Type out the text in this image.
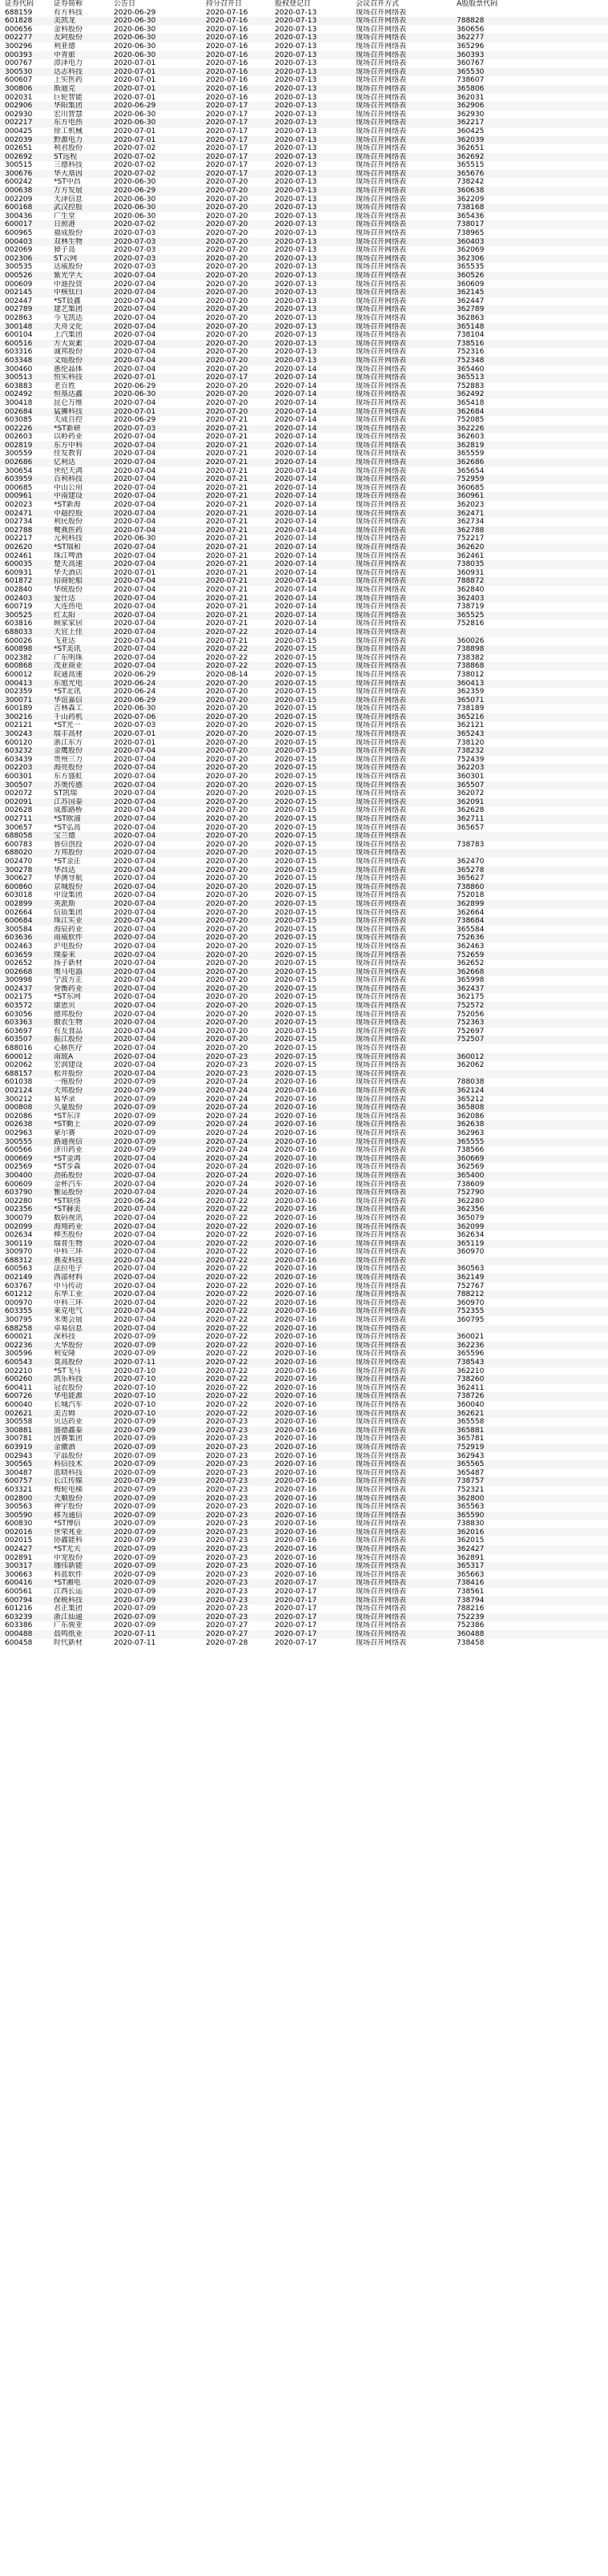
证券代码	证券简称	公告日	持分召开日	股权登记日	会议召开方式	A股股票代码
688159	有方科技	2020-06-29	2020-07-16	2020-07-13	现场召开网络表
601828	美凯龙	2020-06-30	2020-07-16	2020-07-13	现场召开网络表	788828
000656	金科股份	2020-06-30	2020-07-16	2020-07-13	现场召开网络表	360656
002277	友阿股份	2020-06-30	2020-07-16	2020-07-13	现场召开网络表	362277
300296	利亚德	2020-06-30	2020-07-16	2020-07-13	现场召开网络表	365296
000393	中青旅	2020-06-30	2020-07-16	2020-07-13	现场召开网络表	360393
000767	漳泽电力	2020-07-01	2020-07-16	2020-07-13	现场召开网络表	360767
300530	达志科技	2020-07-01	2020-07-16	2020-07-13	现场召开网络表	365530
600607	上实医药	2020-07-01	2020-07-16	2020-07-13	现场召开网络表	738607
300806	斯迪克	2020-07-01	2020-07-16	2020-07-13	现场召开网络表	365806
002031	巨轮智能	2020-07-01	2020-07-16	2020-07-13	现场召开网络表	362031
002906	华阳集团	2020-06-29	2020-07-17	2020-07-13	现场召开网络表	362906
002930	宏川智慧	2020-06-30	2020-07-17	2020-07-13	现场召开网络表	362930
002217	东方电热	2020-06-30	2020-07-17	2020-07-13	现场召开网络表	362217
000425	徐工机械	2020-07-01	2020-07-17	2020-07-13	现场召开网络表	360425
002039	黔源电力	2020-07-01	2020-07-17	2020-07-13	现场召开网络表	362039
002651	利君股份	2020-07-02	2020-07-17	2020-07-13	现场召开网络表	362651
002692	ST远程	2020-07-02	2020-07-17	2020-07-13	现场召开网络表	362692
300515	三德科技	2020-07-02	2020-07-17	2020-07-13	现场召开网络表	365515
300676	华大基因	2020-07-02	2020-07-17	2020-07-13	现场召开网络表	365676
600242	*ST中昌	2020-06-30	2020-07-20	2020-07-13	现场召开网络表	738242
000638	万方发展	2020-06-29	2020-07-20	2020-07-13	现场召开网络表	360638
002209	天泽信息	2020-06-30	2020-07-20	2020-07-13	现场召开网络表	362209
600168	武汉控股	2020-06-30	2020-07-20	2020-07-13	现场召开网络表	738168
300436	广生堂	2020-06-30	2020-07-20	2020-07-13	现场召开网络表	365436
600017	日照港	2020-07-02	2020-07-20	2020-07-13	现场召开网络表	738017
600965	福成股份	2020-07-03	2020-07-20	2020-07-13	现场召开网络表	738965
000403	双林生物	2020-07-03	2020-07-20	2020-07-13	现场召开网络表	360403
002069	獐子岛	2020-07-03	2020-07-20	2020-07-13	现场召开网络表	362069
002306	ST云网	2020-07-03	2020-07-20	2020-07-13	现场召开网络表	362306
300535	达威股份	2020-07-03	2020-07-20	2020-07-13	现场召开网络表	365535
000526	紫光学大	2020-07-04	2020-07-20	2020-07-13	现场召开网络表	360526
000609	中迪投资	2020-07-04	2020-07-20	2020-07-13	现场召开网络表	360609
002145	中核钛白	2020-07-04	2020-07-20	2020-07-13	现场召开网络表	362145
002447	*ST晨鑫	2020-07-04	2020-07-20	2020-07-13	现场召开网络表	362447
002789	建艺集团	2020-07-04	2020-07-20	2020-07-13	现场召开网络表	362789
002863	今飞凯达	2020-07-04	2020-07-20	2020-07-13	现场召开网络表	362863
300148	天舟文化	2020-07-04	2020-07-20	2020-07-13	现场召开网络表	365148
600104	上汽集团	2020-07-04	2020-07-20	2020-07-13	现场召开网络表	738104
600516	方大炭素	2020-07-04	2020-07-20	2020-07-13	现场召开网络表	738516
603316	诚邦股份	2020-07-04	2020-07-20	2020-07-13	现场召开网络表	752316
603348	文灿股份	2020-07-04	2020-07-20	2020-07-13	现场召开网络表	752348
300460	惠伦晶体	2020-07-04	2020-07-20	2020-07-14	现场召开网络表	365460
300513	恒实科技	2020-07-01	2020-07-17	2020-07-14	现场召开网络表	365513
603883	老百姓	2020-06-29	2020-07-20	2020-07-14	现场召开网络表	752883
002492	恒基达鑫	2020-06-30	2020-07-20	2020-07-14	现场召开网络表	362492
300418	昆仑万维	2020-07-04	2020-07-20	2020-07-14	现场召开网络表	365418
002684	猛狮科技	2020-07-01	2020-07-20	2020-07-14	现场召开网络表	362684
603085	天成自控	2020-06-29	2020-07-21	2020-07-14	现场召开网络表	752085
002226	*ST新研	2020-07-03	2020-07-21	2020-07-14	现场召开网络表	362226
002603	以岭药业	2020-07-04	2020-07-21	2020-07-14	现场召开网络表	362603
002819	东方中科	2020-07-04	2020-07-21	2020-07-14	现场召开网络表	362819
300559	佳发教育	2020-07-04	2020-07-21	2020-07-14	现场召开网络表	365559
002686	亿利达	2020-07-04	2020-07-21	2020-07-14	现场召开网络表	362686
300654	世纪天鸿	2020-07-04	2020-07-21	2020-07-14	现场召开网络表	365654
603959	百利科技	2020-07-04	2020-07-21	2020-07-14	现场召开网络表	752959
000685	中山公用	2020-07-04	2020-07-21	2020-07-14	现场召开网络表	360685
000961	中南建设	2020-07-04	2020-07-21	2020-07-14	现场召开网络表	360961
002023	*ST新海	2020-07-04	2020-07-21	2020-07-14	现场召开网络表	362023
002471	中超控股	2020-07-04	2020-07-21	2020-07-14	现场召开网络表	362471
002734	利民股份	2020-07-04	2020-07-21	2020-07-14	现场召开网络表	362734
002788	鹭燕医药	2020-07-04	2020-07-21	2020-07-14	现场召开网络表	362788
002217	元利科技	2020-06-30	2020-07-21	2020-07-14	现场召开网络表	752217
002620	*ST瑞和	2020-07-04	2020-07-21	2020-07-14	现场召开网络表	362620
002461	珠江啤酒	2020-07-04	2020-07-21	2020-07-14	现场召开网络表	362461
600035	楚天高速	2020-07-04	2020-07-21	2020-07-14	现场召开网络表	738035
600931	华天酒店	2020-07-01	2020-07-21	2020-07-14	现场召开网络表	360931
601872	招商轮船	2020-07-04	2020-07-21	2020-07-14	现场召开网络表	788872
002840	华统股份	2020-07-04	2020-07-21	2020-07-14	现场召开网络表	362840
002403	爱仕达	2020-07-04	2020-07-21	2020-07-14	现场召开网络表	362403
600719	大连热电	2020-07-04	2020-07-21	2020-07-14	现场召开网络表	738719
300525	红太阳	2020-07-04	2020-07-21	2020-07-14	现场召开网络表	365525
603816	顾家家居	2020-07-04	2020-07-21	2020-07-14	现场召开网络表	752816
688033	天宜上佳	2020-07-04	2020-07-22	2020-07-14	现场召开网络表
600026	飞亚达	2020-07-04	2020-07-21	2020-07-15	现场召开网络表	360026
600898	*ST美讯	2020-07-04	2020-07-22	2020-07-15	现场召开网络表	738898
002382	广东明珠	2020-07-04	2020-07-22	2020-07-15	现场召开网络表	738382
600868	茂业商业	2020-07-04	2020-07-22	2020-07-15	现场召开网络表	738868
600012	皖通高速	2020-06-29	2020-08-14	2020-07-15	现场召开网络表	738012
000413	东旭光电	2020-06-24	2020-07-20	2020-07-15	现场召开网络表	360413
002359	*ST北讯	2020-06-24	2020-07-20	2020-07-15	现场召开网络表	362359
300071	华谊嘉信	2020-06-29	2020-07-20	2020-07-15	现场召开网络表	365071
600189	吉林森工	2020-06-30	2020-07-20	2020-07-15	现场召开网络表	738189
300216	千山药机	2020-07-06	2020-07-20	2020-07-15	现场召开网络表	365216
002121	*ST光一	2020-07-03	2020-07-20	2020-07-15	现场召开网络表	362121
300243	瑞丰高材	2020-07-01	2020-07-20	2020-07-15	现场召开网络表	365243
600120	浙江东方	2020-07-01	2020-07-20	2020-07-15	现场召开网络表	738120
603232	金鹰股份	2020-07-04	2020-07-20	2020-07-15	现场召开网络表	738232
603439	贵州三力	2020-07-04	2020-07-20	2020-07-15	现场召开网络表	752439
002203	海亮股份	2020-07-04	2020-07-20	2020-07-15	现场召开网络表	362203
600301	东方盛虹	2020-07-04	2020-07-20	2020-07-15	现场召开网络表	360301
300507	苏奥传感	2020-07-04	2020-07-20	2020-07-15	现场召开网络表	365507
002072	ST凯瑞	2020-07-04	2020-07-20	2020-07-15	现场召开网络表	362072
002091	江苏国泰	2020-07-04	2020-07-20	2020-07-15	现场召开网络表	362091
002628	成都路桥	2020-07-04	2020-07-20	2020-07-15	现场召开网络表	362628
002711	*ST欧浦	2020-07-04	2020-07-20	2020-07-15	现场召开网络表	362711
300657	*ST弘高	2020-07-04	2020-07-20	2020-07-15	现场召开网络表	365657
688058	宝兰德	2020-07-04	2020-07-20	2020-07-15	现场召开网络表
600783	鲁信创投	2020-07-04	2020-07-20	2020-07-15	现场召开网络表	738783
688020	方邦股份	2020-07-04	2020-07-20	2020-07-15	现场召开网络表
002470	*ST金正	2020-07-04	2020-07-20	2020-07-15	现场召开网络表	362470
300278	华昌达	2020-07-04	2020-07-20	2020-07-15	现场召开网络表	365278
300627	华测导航	2020-07-04	2020-07-20	2020-07-15	现场召开网络表	365627
600860	京城股份	2020-07-04	2020-07-20	2020-07-15	现场召开网络表	738860
603018	中设集团	2020-07-04	2020-07-20	2020-07-15	现场召开网络表	752018
002899	英派斯	2020-07-04	2020-07-20	2020-07-15	现场召开网络表	362899
002664	信质集团	2020-07-04	2020-07-20	2020-07-15	现场召开网络表	362664
600684	珠江实业	2020-07-04	2020-07-20	2020-07-15	现场召开网络表	738684
300584	海辰药业	2020-07-04	2020-07-20	2020-07-15	现场召开网络表	365584
603636	南威软件	2020-07-04	2020-07-20	2020-07-15	现场召开网络表	752636
002463	沪电股份	2020-07-04	2020-07-20	2020-07-15	现场召开网络表	362463
603659	璞泰来	2020-07-04	2020-07-20	2020-07-15	现场召开网络表	752659
002652	扬子新材	2020-07-04	2020-07-20	2020-07-15	现场召开网络表	362652
002668	奥马电器	2020-07-04	2020-07-20	2020-07-15	现场召开网络表	362668
300998	宁波方正	2020-07-04	2020-07-20	2020-07-15	现场召开网络表	365998
002437	誉衡药业	2020-07-04	2020-07-20	2020-07-15	现场召开网络表	362437
002175	*ST东网	2020-07-04	2020-07-20	2020-07-15	现场召开网络表	362175
603572	康恩贝	2020-07-04	2020-07-20	2020-07-15	现场召开网络表	752572
603056	德邦股份	2020-07-04	2020-07-20	2020-07-15	现场召开网络表	752056
603363	傲农生物	2020-07-04	2020-07-20	2020-07-15	现场召开网络表	752363
603697	有友食品	2020-07-04	2020-07-20	2020-07-15	现场召开网络表	752697
603507	振江股份	2020-07-04	2020-07-20	2020-07-15	现场召开网络表	752507
688016	心脉医疗	2020-07-04	2020-07-20	2020-07-15	现场召开网络表
600012	南玻A	2020-07-04	2020-07-23	2020-07-15	现场召开网络表	360012
002062	宏润建设	2020-07-04	2020-07-23	2020-07-15	现场召开网络表	362062
688157	松井股份	2020-07-04	2020-07-23	2020-07-15	现场召开网络表
601038	一拖股份	2020-07-09	2020-07-24	2020-07-16	现场召开网络表	788038
002124	天邦股份	2020-07-09	2020-07-24	2020-07-16	现场召开网络表	362124
300212	易华录	2020-07-09	2020-07-24	2020-07-16	现场召开网络表	365212
000808	久量股份	2020-07-09	2020-07-24	2020-07-16	现场召开网络表	365808
002086	*ST东洋	2020-07-09	2020-07-24	2020-07-16	现场召开网络表	362086
002638	*ST勤上	2020-07-09	2020-07-24	2020-07-16	现场召开网络表	362638
002963	豪尔赛	2020-07-09	2020-07-24	2020-07-16	现场召开网络表	362963
300555	路通视信	2020-07-09	2020-07-24	2020-07-16	现场召开网络表	365555
600566	济川药业	2020-07-09	2020-07-24	2020-07-16	现场召开网络表	738566
000669	*ST金鸿	2020-07-04	2020-07-24	2020-07-16	现场召开网络表	360669
002569	*ST步森	2020-07-04	2020-07-24	2020-07-16	现场召开网络表	362569
300400	劲拓股份	2020-07-04	2020-07-24	2020-07-16	现场召开网络表	365400
600609	金杯汽车	2020-07-04	2020-07-24	2020-07-16	现场召开网络表	738609
603790	雅运股份	2020-07-04	2020-07-24	2020-07-16	现场召开网络表	752790
002280	*ST联络	2020-06-24	2020-07-22	2020-07-16	现场召开网络表	362280
002356	*ST赫美	2020-07-04	2020-07-22	2020-07-16	现场召开网络表	362356
300079	数码视讯	2020-07-04	2020-07-22	2020-07-16	现场召开网络表	365079
002099	海翔药业	2020-07-04	2020-07-22	2020-07-16	现场召开网络表	362099
002634	棒杰股份	2020-07-04	2020-07-22	2020-07-16	现场召开网络表	362634
300119	瑞普生物	2020-07-04	2020-07-22	2020-07-16	现场召开网络表	365119
300970	中科三环	2020-07-04	2020-07-22	2020-07-16	现场召开网络表	360970
688312	燕麦科技	2020-07-04	2020-07-22	2020-07-16	现场召开网络表
600563	法拉电子	2020-07-04	2020-07-22	2020-07-16	现场召开网络表	360563
002149	西部材料	2020-07-04	2020-07-22	2020-07-16	现场召开网络表	362149
603767	中马传动	2020-07-04	2020-07-22	2020-07-16	现场召开网络表	752767
601212	东华工业	2020-07-04	2020-07-22	2020-07-16	现场召开网络表	788212
000970	中科三环	2020-07-04	2020-07-22	2020-07-16	现场召开网络表	360970
603355	莱克电气	2020-07-04	2020-07-22	2020-07-16	现场召开网络表	752355
300795	米奥会展	2020-07-04	2020-07-22	2020-07-16	现场召开网络表	360795
688258	卓易信息	2020-07-04	2020-07-22	2020-07-16	现场召开网络表
600021	深科技	2020-07-09	2020-07-22	2020-07-16	现场召开网络表	360021
002236	大华股份	2020-07-09	2020-07-22	2020-07-16	现场召开网络表	362236
300596	利安隆	2020-07-09	2020-07-22	2020-07-16	现场召开网络表	365596
600543	莫高股份	2020-07-11	2020-07-22	2020-07-16	现场召开网络表	738543
002210	*ST飞马	2020-07-10	2020-07-22	2020-07-16	现场召开网络表	362210
600260	凯乐科技	2020-07-10	2020-07-22	2020-07-16	现场召开网络表	738260
600411	冠农股份	2020-07-10	2020-07-22	2020-07-16	现场召开网络表	362411
600726	华电能源	2020-07-10	2020-07-22	2020-07-16	现场召开网络表	738726
600040	长城汽车	2020-07-10	2020-07-22	2020-07-16	现场召开网络表	360040
002621	美吉姆	2020-07-10	2020-07-22	2020-07-16	现场召开网络表	362621
300558	贝达药业	2020-07-09	2020-07-23	2020-07-16	现场召开网络表	365558
300881	盛德鑫泰	2020-07-09	2020-07-23	2020-07-16	现场召开网络表	365881
300781	因赛集团	2020-07-09	2020-07-23	2020-07-16	现场召开网络表	365781
603919	金徽酒	2020-07-09	2020-07-23	2020-07-16	现场召开网络表	752919
002943	宇晶股份	2020-07-09	2020-07-23	2020-07-16	现场召开网络表	362943
300565	科信技术	2020-07-09	2020-07-23	2020-07-16	现场召开网络表	365565
300487	蓝晓科技	2020-07-09	2020-07-23	2020-07-16	现场召开网络表	365487
600757	长江传媒	2020-07-09	2020-07-23	2020-07-16	现场召开网络表	738757
603321	梅轮电梯	2020-07-09	2020-07-23	2020-07-16	现场召开网络表	752321
002800	天顺股份	2020-07-09	2020-07-23	2020-07-16	现场召开网络表	362800
300563	神宇股份	2020-07-09	2020-07-23	2020-07-16	现场召开网络表	365563
300590	移为通信	2020-07-09	2020-07-23	2020-07-16	现场召开网络表	365590
600830	*ST博信	2020-07-09	2020-07-23	2020-07-16	现场召开网络表	738830
002016	世荣兆业	2020-07-09	2020-07-23	2020-07-16	现场召开网络表	362016
002015	协鑫能科	2020-07-09	2020-07-23	2020-07-16	现场召开网络表	362015
002427	*ST尤夫	2020-07-09	2020-07-23	2020-07-16	现场召开网络表	362427
002891	中宠股份	2020-07-09	2020-07-23	2020-07-16	现场召开网络表	362891
300317	珈伟新能	2020-07-09	2020-07-23	2020-07-16	现场召开网络表	365317
300663	科蓝软件	2020-07-09	2020-07-23	2020-07-16	现场召开网络表	365663
600416	*ST湘电	2020-07-09	2020-07-23	2020-07-17	现场召开网络表	738416
600561	江西长运	2020-07-09	2020-07-23	2020-07-17	现场召开网络表	738561
600794	保税科技	2020-07-09	2020-07-23	2020-07-17	现场召开网络表	738794
601216	君正集团	2020-07-09	2020-07-23	2020-07-17	现场召开网络表	788216
603239	浙江仙通	2020-07-09	2020-07-23	2020-07-17	现场召开网络表	752239
603386	广东骏亚	2020-07-09	2020-07-27	2020-07-17	现场召开网络表	752386
000488	晨鸣纸业	2020-07-11	2020-07-27	2020-07-17	现场召开网络表	360488
600458	时代新材	2020-07-11	2020-07-28	2020-07-17	现场召开网络表	738458
